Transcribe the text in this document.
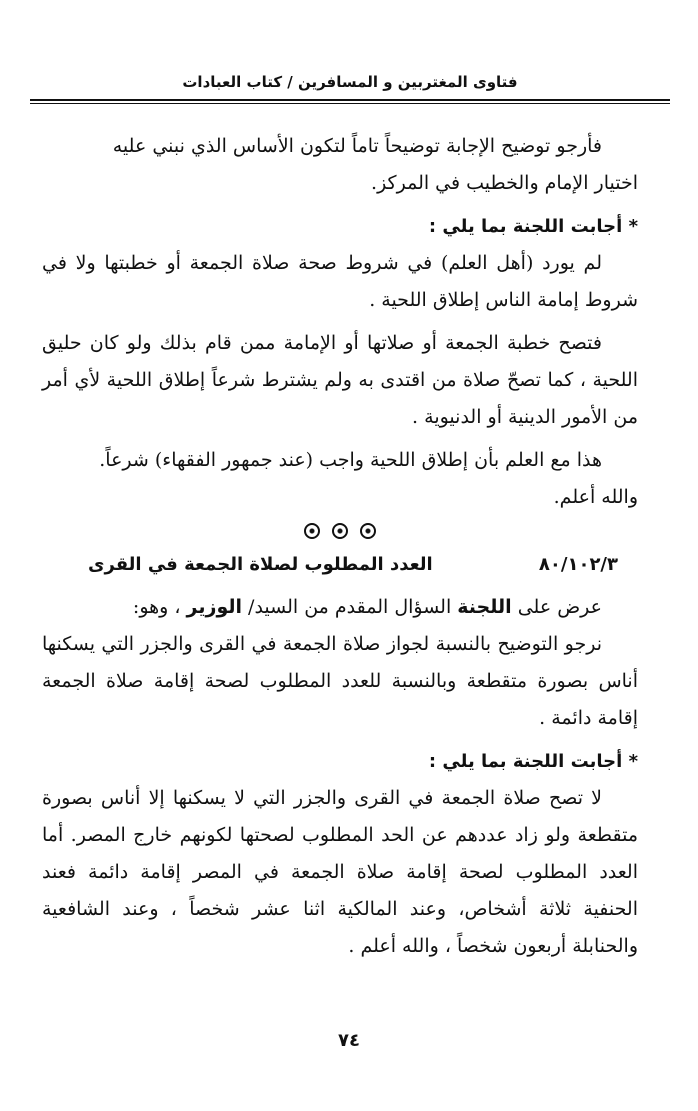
فتاوى المغتربين و المسافرين / كتاب العبادات

فأرجو توضيح الإجابة توضيحاً تاماً لتكون الأساس الذي نبني عليه

اختيار الإمام والخطيب في المركز.

* أجابت اللجنة بما يلي :

لم يورد (أهل العلم) في شروط صحة صلاة الجمعة أو خطبتها ولا في شروط إمامة الناس إطلاق اللحية .

فتصح خطبة الجمعة أو صلاتها أو الإمامة ممن قام بذلك ولو كان حليق اللحية ، كما تصحّ صلاة من اقتدى به ولم يشترط شرعاً إطلاق اللحية لأي أمر من الأمور الدينية أو الدنيوية .

هذا مع العلم بأن إطلاق اللحية واجب (عند جمهور الفقهاء) شرعاً.

والله أعلم.

٨٠/١٠٢/٣
العدد المطلوب لصلاة الجمعة في القرى

عرض على اللجنة السؤال المقدم من السيد/ الوزير ، وهو:

نرجو التوضيح بالنسبة لجواز صلاة الجمعة في القرى والجزر التي يسكنها أناس بصورة متقطعة وبالنسبة للعدد المطلوب لصحة إقامة صلاة الجمعة إقامة دائمة .

* أجابت اللجنة بما يلي :

لا تصح صلاة الجمعة في القرى والجزر التي لا يسكنها إلا أناس بصورة متقطعة ولو زاد عددهم عن الحد المطلوب لصحتها لكونهم خارج المصر. أما العدد المطلوب لصحة إقامة صلاة الجمعة في المصر إقامة دائمة فعند الحنفية ثلاثة أشخاص، وعند المالكية اثنا عشر شخصاً ، وعند الشافعية والحنابلة أربعون شخصاً ، والله أعلم .

٧٤
